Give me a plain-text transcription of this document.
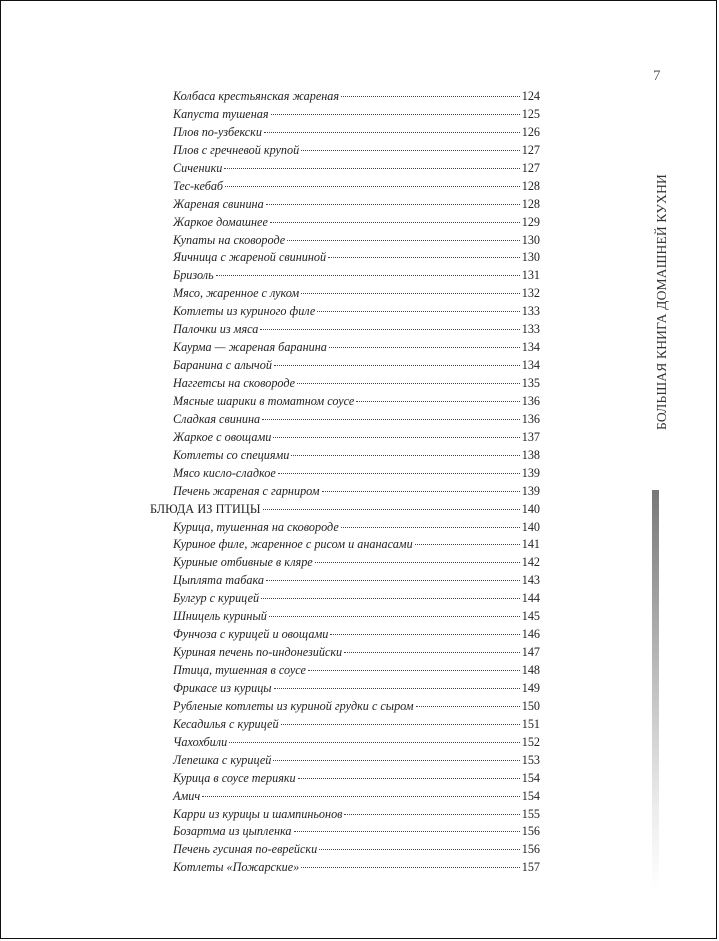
7
БОЛЬШАЯ КНИГА ДОМАШНЕЙ КУХНИ
Колбаса крестьянская жареная	124
Капуста тушеная	125
Плов по-узбекски	126
Плов с гречневой крупой	127
Сиченики	127
Тес-кебаб	128
Жареная свинина	128
Жаркое домашнее	129
Купаты на сковороде	130
Яичница с жареной свининой	130
Бризоль	131
Мясо, жаренное с луком	132
Котлеты из куриного филе	133
Палочки из мяса	133
Каурма — жареная баранина	134
Баранина с алычой	134
Наггетсы на сковороде	135
Мясные шарики в томатном соусе	136
Сладкая свинина	136
Жаркое с овощами	137
Котлеты со специями	138
Мясо кисло-сладкое	139
Печень жареная с гарниром	139
БЛЮДА ИЗ ПТИЦЫ	140
Курица, тушенная на сковороде	140
Куриное филе, жаренное с рисом и ананасами	141
Куриные отбивные в кляре	142
Цыплята табака	143
Булгур с курицей	144
Шницель куриный	145
Фунчоза с курицей и овощами	146
Куриная печень по-индонезийски	147
Птица, тушенная в соусе	148
Фрикасе из курицы	149
Рубленые котлеты из куриной грудки с сыром	150
Кесадилья с курицей	151
Чахохбили	152
Лепешка с курицей	153
Курица в соусе терияки	154
Амич	154
Карри из курицы и шампиньонов	155
Бозартма из цыпленка	156
Печень гусиная по-еврейски	156
Котлеты «Пожарские»	157
